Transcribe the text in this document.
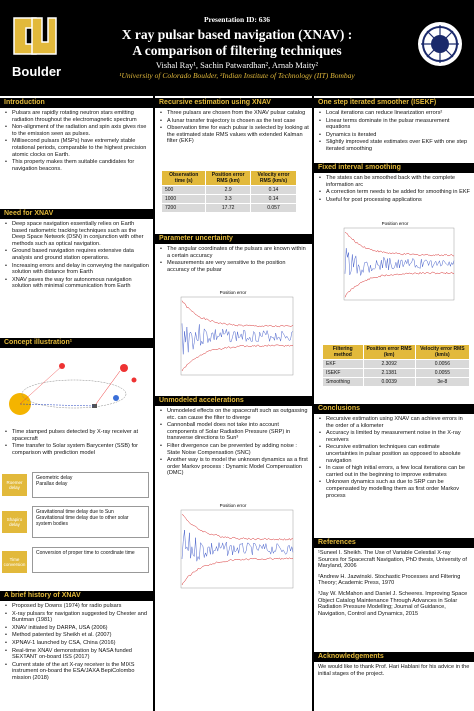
Boulder
Presentation ID: 636
X ray pulsar based navigation (XNAV) :
A comparison of filtering techniques
Vishal Ray¹, Sachin Patwardhan², Arnab Maity²
¹University of Colorado Boulder, ²Indian Institute of Technology (IIT) Bombay
Introduction
• Pulsars are rapidly rotating neutron stars emitting radiation throughout the electromagnetic spectrum
• Non-alignment of the radiation and spin axis gives rise to the emission seen as pulses.
• Millisecond pulsars (MSPs) have extremely stable rotational periods, comparable to the highest precision atomic clocks on Earth.
• This property makes them suitable candidates for navigation beacons.
Need for XNAV
• Deep space navigation essentially relies on Earth based radiometric tracking techniques such as the Deep Space Network (DSN) in conjunction with other methods such as optical navigation.
• Ground based navigation requires extensive data analysis and ground station operations.
• Increasing errors and delay in conveying the navigation solution with distance from Earth
• XNAV paves the way for autonomous navigation solution with minimal communication from Earth
Concept illustration¹
• Time stamped pulses detected by X-ray receiver at spacecraft
• Time transfer to Solar system Barycenter (SSB) for comparison with prediction model
Roemer delay
Geometric delay
Parallax delay
Shapiro delay
Gravitational time delay due to Sun
Gravitational time delay due to other solar system bodies
Time conversion
Conversion of proper time to coordinate time
A brief history of XNAV
• Proposed by Downs (1974) for radio pulsars
• X-ray pulsars for navigation suggested by Chester and Buntman (1981)
• XNAV initiated by DARPA, USA (2006)
• Method patented by Sheikh et al. (2007)
• XPNAV-1 launched by CSA, China (2016)
• Real-time XNAV demonstration by NASA funded SEXTANT on-board ISS (2017)
• Current state of the art X-ray receiver is the MIXS instrument on-board the ESA/JAXA BepiColombo mission (2018)
Recursive estimation using XNAV
• Three pulsars are chosen from the XNAV pulsar catalog
• A lunar transfer trajectory is chosen as the test case
• Observation time for each pulsar is selected by looking at the estimated state RMS values with extended Kalman filter (EKF)
Observation time (s)	Position error RMS (km)	Velocity error RMS (km/s)
500	2.9	0.14
1000	3.3	0.14
7200	17.72	0.057
Parameter uncertainty
• The angular coordinates of the pulsars are known within a certain accuracy
• Measurements are very sensitive to the position accuracy of the pulsar
Position error
Unmodeled accelerations
• Unmodeled effects on the spacecraft such as outgassing etc. can cause the filter to diverge
• Cannonball model does not take into account components of Solar Radiation Pressure (SRP) in transverse directions to Sun³
• Filter divergence can be prevented by adding noise : State Noise Compensation (SNC)
• Another way is to model the unknown dynamics as a first order Markov process : Dynamic Model Compensation (DMC)
Position error
One step iterated smoother (ISEKF)
• Local iterations can reduce linearization errors²
• Linear terms dominate in the pulsar measurement equations
• Dynamics is iterated
• Slightly improved state estimates over EKF with one step iterated smoothing
Fixed interval smoothing
• The states can be smoothed back with the complete information arc
• A correction term needs to be added for smoothing in EKF
• Useful for post processing applications
Position error
Filtering method	Position error RMS (km)	Velocity error RMS (km/s)
EKF	2.3092	0.0056
ISEKF	2.1381	0.0055
Smoothing	0.0039	3e-8
Conclusions
• Recursive estimation using XNAV can achieve errors in the order of a kilometer
• Accuracy is limited by measurement noise in the X-ray receivers
• Recursive estimation techniques can estimate uncertainties in pulsar position as opposed to absolute navigation
• In case of high initial errors, a few local iterations can be carried out in the beginning to improve estimates
• Unknown dynamics such as due to SRP can be compensated by modelling them as first order Markov process
References

¹Suneel I. Sheikh. The Use of Variable Celestial X-ray Sources for Spacecraft Navigation, PhD thesis, University of Maryland, 2006

²Andrew H. Jazwinski. Stochastic Processes and Filtering Theory; Academic Press, 1970

³Jay W. McMahon and Daniel J. Scheeres. Improving Space Object Catalog Maintenance Through Advances in Solar Radiation Pressure Modelling; Journal of Guidance, Navigation, Control and Dynamics, 2015

Acknowledgements
We would like to thank Prof. Hari Hablani for his advice in the initial stages of the project.
